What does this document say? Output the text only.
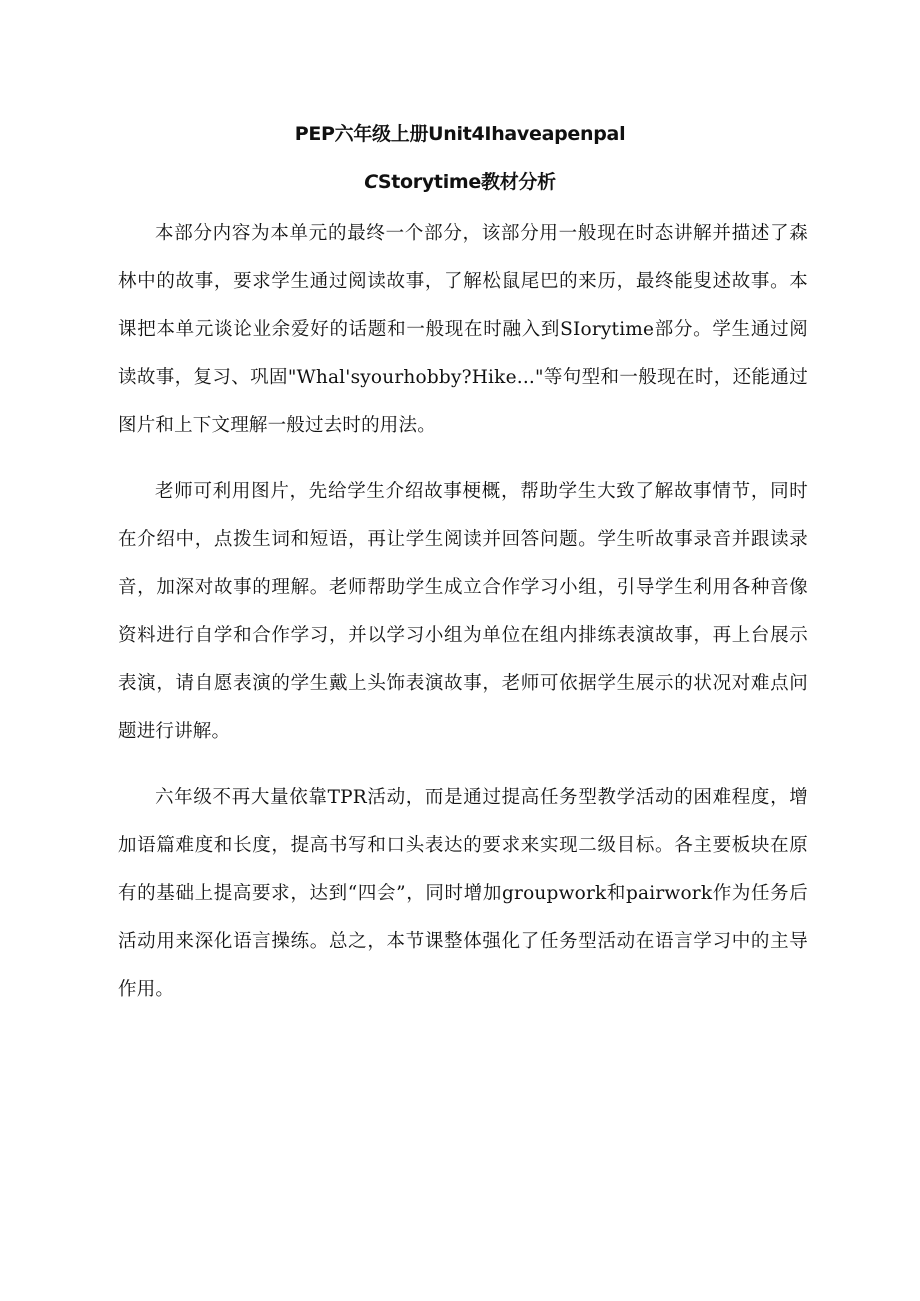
PEP六年级上册Unit4Ihaveapenpal
CStorytime教材分析

本部分内容为本单元的最终一个部分，该部分用一般现在时态讲解并描述了森林中的故事，要求学生通过阅读故事，了解松鼠尾巴的来历，最终能叟述故事。本课把本单元谈论业余爱好的话题和一般现在时融入到SIorytime部分。学生通过阅读故事，复习、巩固"Whal'syourhobby?Hike..."等句型和一般现在时，还能通过图片和上下文理解一般过去时的用法。

老师可利用图片，先给学生介绍故事梗概，帮助学生大致了解故事情节，同时在介绍中，点拨生词和短语，再让学生阅读并回答问题。学生听故事录音并跟读录音，加深对故事的理解。老师帮助学生成立合作学习小组，引导学生利用各种音像资料进行自学和合作学习，并以学习小组为单位在组内排练表演故事，再上台展示表演，请自愿表演的学生戴上头饰表演故事，老师可依据学生展示的状况对难点问题进行讲解。

六年级不再大量依靠TPR活动，而是通过提高任务型教学活动的困难程度，增加语篇难度和长度，提高书写和口头表达的要求来实现二级目标。各主要板块在原有的基础上提高要求，达到“四会”，同时增加groupwork和pairwork作为任务后活动用来深化语言操练。总之，本节课整体强化了任务型活动在语言学习中的主导作用。
